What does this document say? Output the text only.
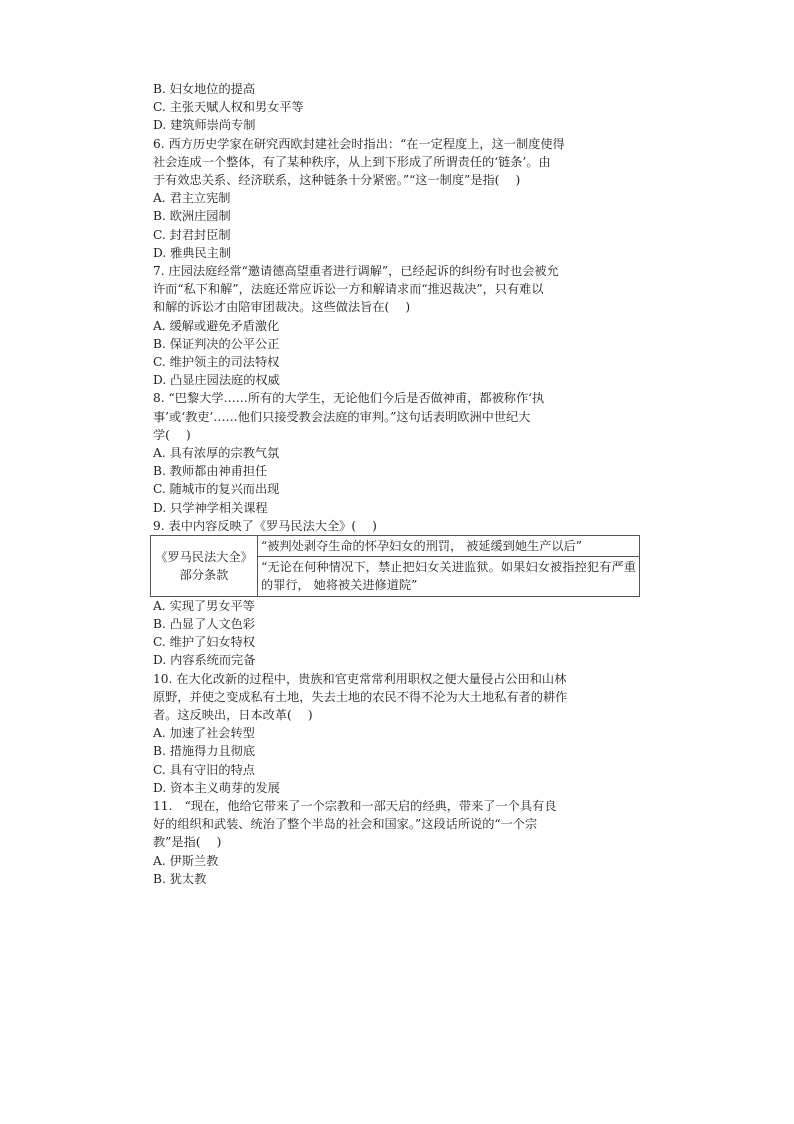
B. 妇女地位的提高
C. 主张天赋人权和男女平等
D. 建筑师崇尚专制
6. 西方历史学家在研究西欧封建社会时指出：“在一定程度上，这一制度使得
社会连成一个整体，有了某种秩序，从上到下形成了所谓责任的‘链条’。由
于有效忠关系、经济联系，这种链条十分紧密。”“这一制度”是指(　 )
A. 君主立宪制
B. 欧洲庄园制
C. 封君封臣制
D. 雅典民主制
7. 庄园法庭经常“邀请德高望重者进行调解”，已经起诉的纠纷有时也会被允
许而“私下和解”，法庭还常应诉讼一方和解请求而“推迟裁决”，只有难以
和解的诉讼才由陪审团裁决。这些做法旨在(　 )
A. 缓解或避免矛盾激化
B. 保证判决的公平公正
C. 维护领主的司法特权
D. 凸显庄园法庭的权威
8. “巴黎大学……所有的大学生，无论他们今后是否做神甫，都被称作‘执
事’或‘教吏’……他们只接受教会法庭的审判。”这句话表明欧洲中世纪大
学(　 )
A. 具有浓厚的宗教气氛
B. 教师都由神甫担任
C. 随城市的复兴而出现
D. 只学神学相关课程
9. 表中内容反映了《罗马民法大全》(　 )
《罗马民法大全》部分条款	“被判处剥夺生命的怀孕妇女的刑罚， 被延缓到她生产以后”
“无论在何种情况下，禁止把妇女关进监狱。如果妇女被指控犯有严重的罪行， 她将被关进修道院”
A. 实现了男女平等
B. 凸显了人文色彩
C. 维护了妇女特权
D. 内容系统而完备
10. 在大化改新的过程中，贵族和官吏常常利用职权之便大量侵占公田和山林
原野，并使之变成私有土地，失去土地的农民不得不沦为大土地私有者的耕作
者。这反映出，日本改革(　 )
A. 加速了社会转型
B. 措施得力且彻底
C. 具有守旧的特点
D. 资本主义萌芽的发展
11.　“现在，他给它带来了一个宗教和一部天启的经典，带来了一个具有良
好的组织和武装、统治了整个半岛的社会和国家。”这段话所说的“一个宗
教”是指(　 )
A. 伊斯兰教
B. 犹太教
